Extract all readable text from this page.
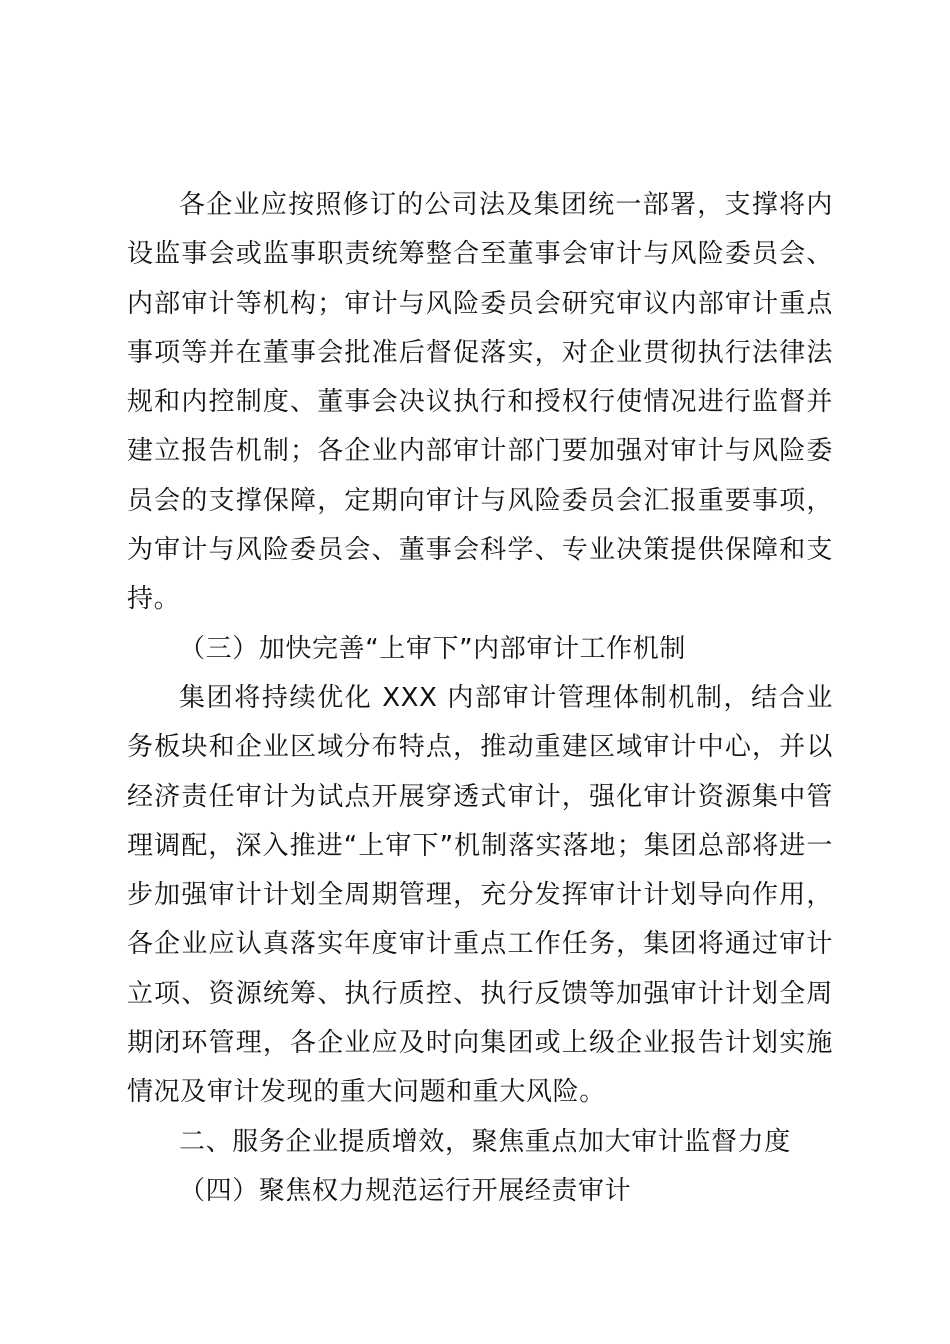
各企业应按照修订的公司法及集团统一部署，支撑将内设监事会或监事职责统筹整合至董事会审计与风险委员会、内部审计等机构；审计与风险委员会研究审议内部审计重点事项等并在董事会批准后督促落实，对企业贯彻执行法律法规和内控制度、董事会决议执行和授权行使情况进行监督并建立报告机制；各企业内部审计部门要加强对审计与风险委员会的支撑保障，定期向审计与风险委员会汇报重要事项，为审计与风险委员会、董事会科学、专业决策提供保障和支持。

（三）加快完善“上审下”内部审计工作机制

集团将持续优化 XXX 内部审计管理体制机制，结合业务板块和企业区域分布特点，推动重建区域审计中心，并以经济责任审计为试点开展穿透式审计，强化审计资源集中管理调配，深入推进“上审下”机制落实落地；集团总部将进一步加强审计计划全周期管理，充分发挥审计计划导向作用，各企业应认真落实年度审计重点工作任务，集团将通过审计立项、资源统筹、执行质控、执行反馈等加强审计计划全周期闭环管理，各企业应及时向集团或上级企业报告计划实施情况及审计发现的重大问题和重大风险。

二、服务企业提质增效，聚焦重点加大审计监督力度

（四）聚焦权力规范运行开展经责审计
